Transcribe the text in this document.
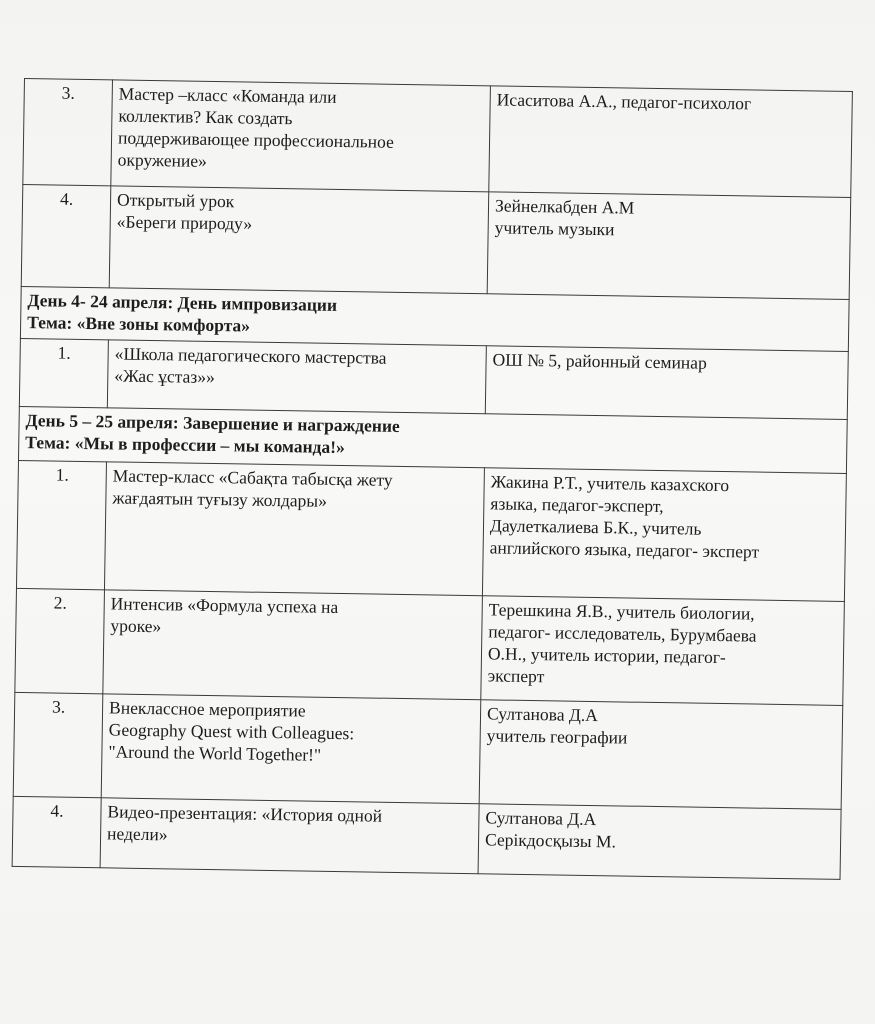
3.	Мастер –класс «Команда или
коллектив? Как создать
поддерживающее профессиональное
окружение»	Исаситова А.А., педагог-психолог

4.	Открытый урок
«Береги природу»	Зейнелкабден А.М
учитель музыки

День 4- 24 апреля: День импровизации
Тема: «Вне зоны комфорта»		

1.	«Школа педагогического мастерства
«Жас ұстаз»»	ОШ № 5, районный семинар

День 5 – 25 апреля: Завершение и награждение
Тема: «Мы в профессии – мы команда!»		

1.	Мастер-класс «Сабақта табысқа жету
жағдаятын туғызу жолдары»	Жакина Р.Т., учитель казахского
языка, педагог-эксперт,
Даулеткалиева Б.К., учитель
английского языка, педагог- эксперт

2.	Интенсив «Формула успеха на
уроке»	Терешкина Я.В., учитель биологии,
педагог- исследователь, Бурумбаева
О.Н., учитель истории, педагог-
эксперт

3.	Внеклассное мероприятие
Geography Quest with Colleagues:
"Around the World Together!"	Султанова Д.А
учитель географии

4.	Видео-презентация: «История одной
недели»	Султанова Д.А
Серікдосқызы М.
